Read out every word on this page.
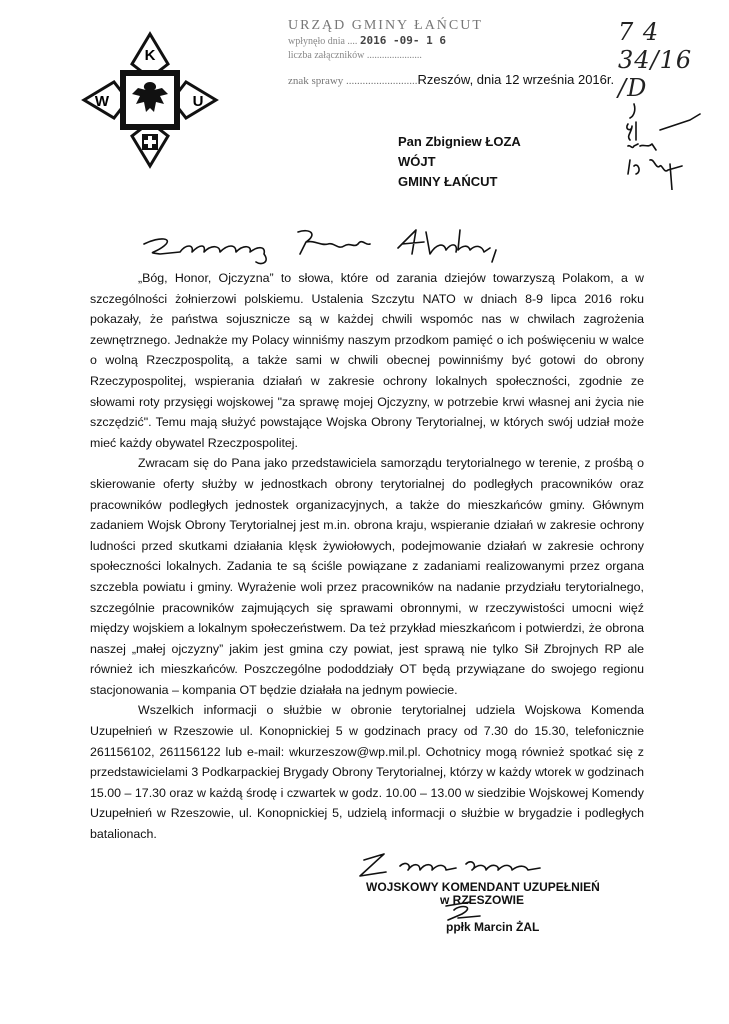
K
W	U
URZĄD GMINY ŁAŃCUT
wpłynęło dnia .... 2016 -09- 1 6
liczba załączników ......................
7 4 34/16 /D
znak sprawy ..........................Rzeszów, dnia 12 września 2016r.
Pan Zbigniew ŁOZA
WÓJT
GMINY ŁAŃCUT

„Bóg, Honor, Ojczyzna” to słowa, które od zarania dziejów towarzyszą Polakom, a w szczególności żołnierzowi polskiemu. Ustalenia Szczytu NATO w dniach 8-9 lipca 2016 roku pokazały, że państwa sojusznicze są w każdej chwili wspomóc nas w chwilach zagrożenia zewnętrznego. Jednakże my Polacy winniśmy naszym przodkom pamięć o ich poświęceniu w walce o wolną Rzeczpospolitą, a także sami w chwili obecnej powinniśmy być gotowi do obrony Rzeczypospolitej, wspierania działań w zakresie ochrony lokalnych społeczności, zgodnie ze słowami roty przysięgi wojskowej "za sprawę mojej Ojczyzny, w potrzebie krwi własnej ani życia nie szczędzić". Temu mają służyć powstające Wojska Obrony Terytorialnej, w których swój udział może mieć każdy obywatel Rzeczpospolitej.

Zwracam się do Pana jako przedstawiciela samorządu terytorialnego w terenie, z prośbą o skierowanie oferty służby w jednostkach obrony terytorialnej do podległych pracowników oraz pracowników podległych jednostek organizacyjnych, a także do mieszkańców gminy. Głównym zadaniem Wojsk Obrony Terytorialnej jest m.in. obrona kraju, wspieranie działań w zakresie ochrony ludności przed skutkami działania klęsk żywiołowych, podejmowanie działań w zakresie ochrony społeczności lokalnych. Zadania te są ściśle powiązane z zadaniami realizowanymi przez organa szczebla powiatu i gminy. Wyrażenie woli przez pracowników na nadanie przydziału terytorialnego, szczególnie pracowników zajmujących się sprawami obronnymi, w rzeczywistości umocni więź między wojskiem a lokalnym społeczeństwem. Da też przykład mieszkańcom i potwierdzi, że obrona naszej „małej ojczyzny” jakim jest gmina czy powiat, jest sprawą nie tylko Sił Zbrojnych RP ale również ich mieszkańców. Poszczególne pododdziały OT będą przywiązane do swojego regionu stacjonowania – kompania OT będzie działała na jednym powiecie.

Wszelkich informacji o służbie w obronie terytorialnej udziela Wojskowa Komenda Uzupełnień w Rzeszowie ul. Konopnickiej 5 w godzinach pracy od 7.30 do 15.30, telefonicznie 261156102, 261156122 lub e-mail: wkurzeszow@wp.mil.pl. Ochotnicy mogą również spotkać się z przedstawicielami 3 Podkarpackiej Brygady Obrony Terytorialnej, którzy w każdy wtorek w godzinach 15.00 – 17.30 oraz w każdą środę i czwartek w godz. 10.00 – 13.00 w siedzibie Wojskowej Komendy Uzupełnień w Rzeszowie, ul. Konopnickiej 5, udzielą informacji o służbie w brygadzie i podległych batalionach.

WOJSKOWY KOMENDANT UZUPEŁNIEŃ
w RZESZOWIE
ppłk Marcin ŻAL
